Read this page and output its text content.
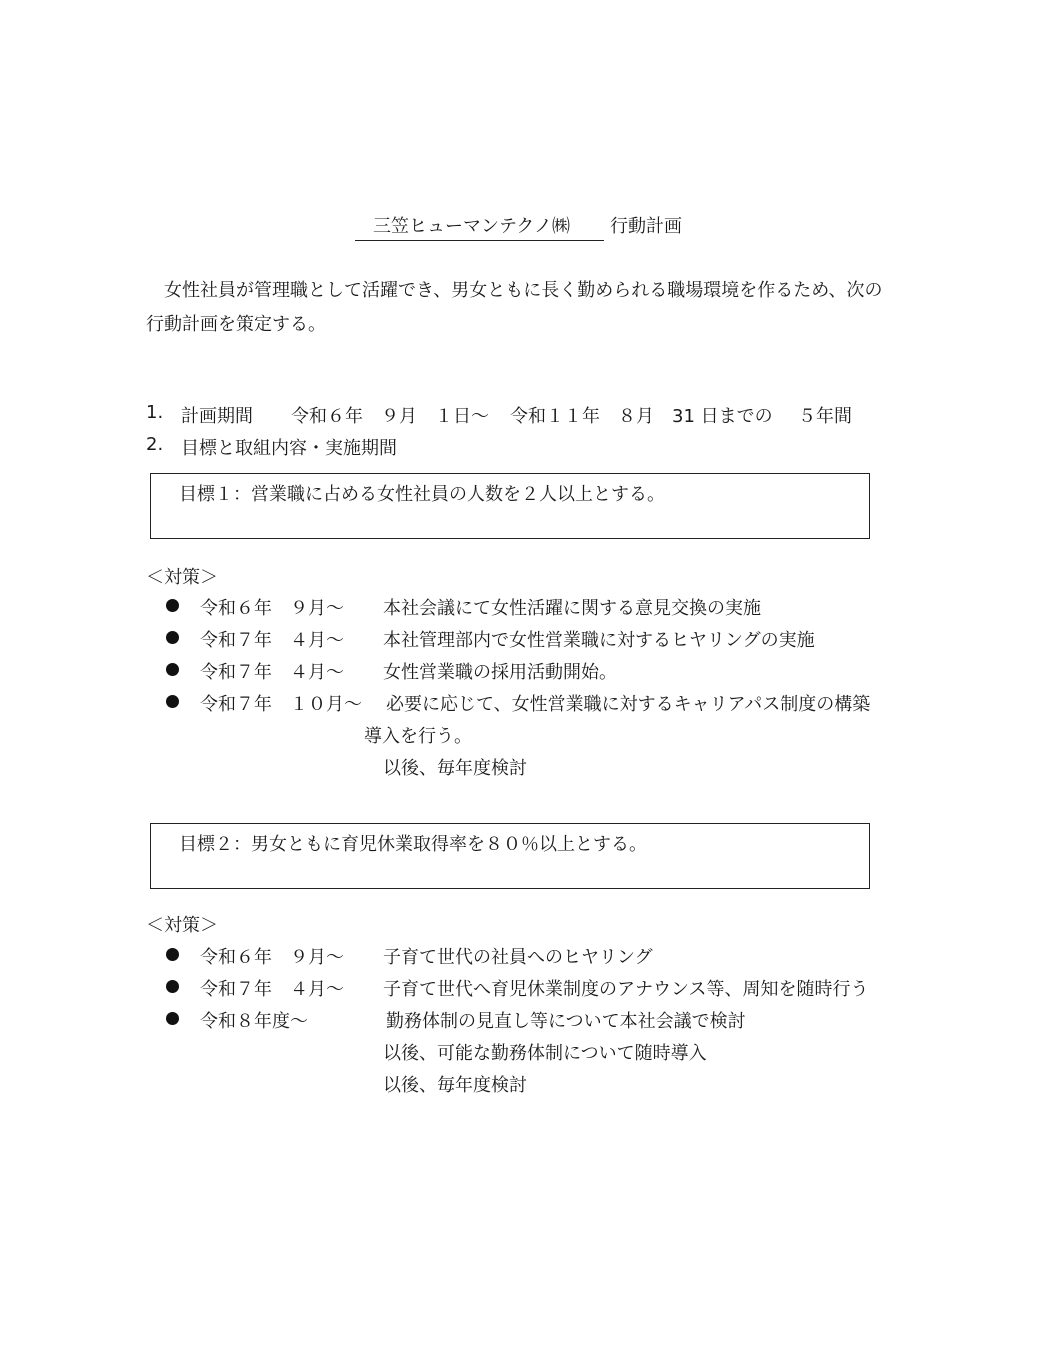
三笠ヒューマンテクノ㈱ 行動計画
女性社員が管理職として活躍でき、男女ともに長く勤められる職場環境を作るため、次の
行動計画を策定する。
1. 計画期間 令和６年　９月　１日～ 令和１１年　８月　31 日までの ５年間
2. 目標と取組内容・実施期間
目標１：営業職に占める女性社員の人数を２人以上とする。
＜対策＞
令和６年　９月～ 本社会議にて女性活躍に関する意見交換の実施
令和７年　４月～ 本社管理部内で女性営業職に対するヒヤリングの実施
令和７年　４月～ 女性営業職の採用活動開始。
令和７年　１０月～ 必要に応じて、女性営業職に対するキャリアパス制度の構築
導入を行う。
以後、毎年度検討
目標２：男女ともに育児休業取得率を８０％以上とする。
＜対策＞
令和６年　９月～ 子育て世代の社員へのヒヤリング
令和７年　４月～ 子育て世代へ育児休業制度のアナウンス等、周知を随時行う
令和８年度～	勤務体制の見直し等について本社会議で検討
以後、可能な勤務体制について随時導入
以後、毎年度検討
